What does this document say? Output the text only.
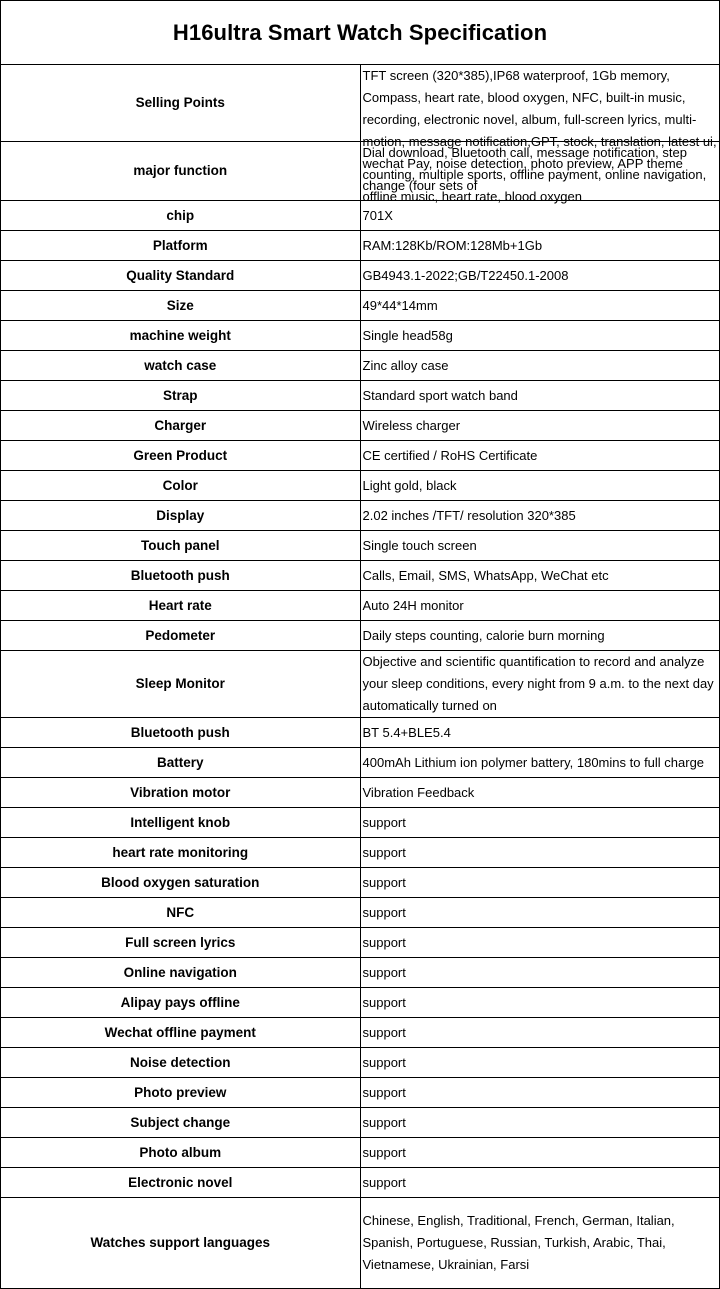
H16ultra Smart Watch Specification	
Selling Points	TFT screen (320*385),IP68 waterproof, 1Gb memory, Compass, heart rate, blood oxygen, NFC, built-in music, recording, electronic novel, album, full-screen lyrics, multi-motion, message notification,GPT, stock, translation, latest ui, wechat Pay, noise detection, photo preview, APP theme change (four sets of

major function	Dial download, Bluetooth call, message notification, step counting, multiple sports, offline payment, online navigation, offline music, heart rate, blood oxygen

chip	701X
Platform	RAM:128Kb/ROM:128Mb+1Gb
Quality Standard	GB4943.1-2022;GB/T22450.1-2008
Size	49*44*14mm
machine weight	Single head58g
watch case	Zinc alloy case
Strap	Standard sport watch band
Charger	Wireless charger
Green Product	CE certified / RoHS Certificate
Color	Light gold, black
Display	2.02 inches /TFT/ resolution 320*385
Touch panel	Single touch screen
Bluetooth push	Calls, Email, SMS, WhatsApp, WeChat etc
Heart rate	Auto 24H monitor
Pedometer	Daily steps counting, calorie burn morning
Sleep Monitor	Objective and scientific quantification to record and analyze your sleep conditions, every night from 9 a.m. to the next day automatically turned on
Bluetooth push	BT 5.4+BLE5.4
Battery	400mAh Lithium ion polymer battery, 180mins to full charge
Vibration motor	Vibration Feedback
Intelligent knob	support
heart rate monitoring	support
Blood oxygen saturation	support
NFC	support
Full screen lyrics	support
Online navigation	support
Alipay pays offline	support
Wechat offline payment	support
Noise detection	support
Photo preview	support
Subject change	support
Photo album	support
Electronic novel	support
Watches support languages	Chinese, English, Traditional, French, German, Italian, Spanish, Portuguese, Russian, Turkish, Arabic, Thai, Vietnamese, Ukrainian, Farsi
